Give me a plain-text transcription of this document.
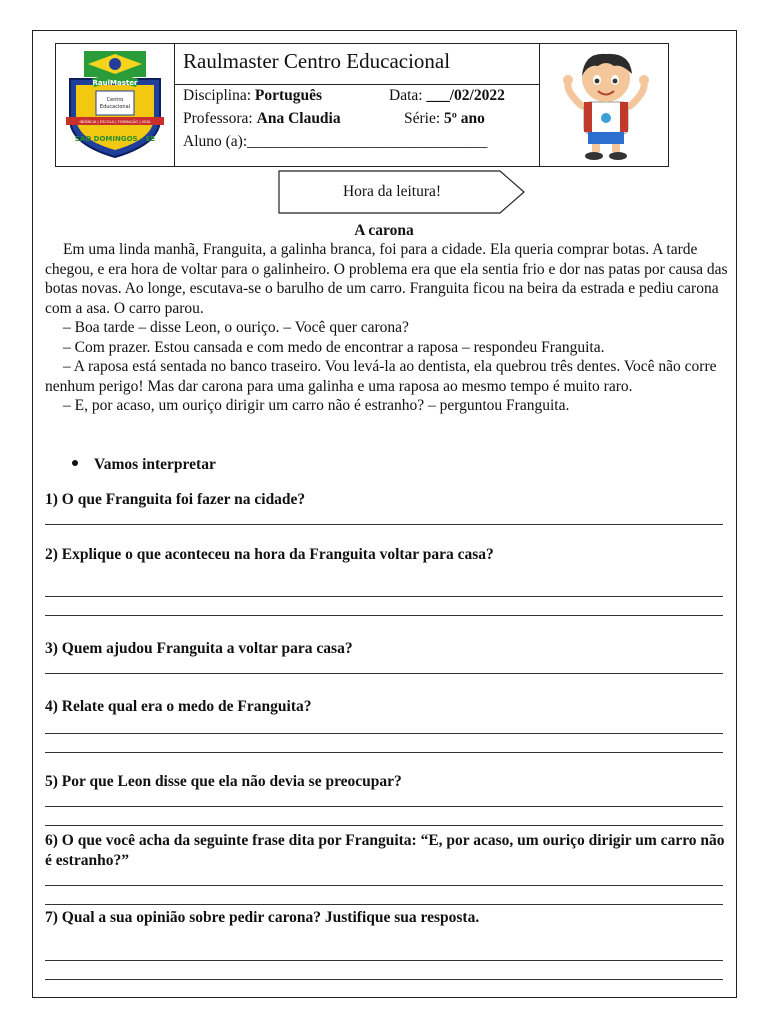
RaulMaster
Centro
Educacional
INFÂNCIA | ESCOLA | FORMAÇÃO | VIDA
SÃO DOMINGOS - SE
Raulmaster Centro Educacional
Disciplina: Português	Data: ___/02/2022
Professora: Ana Claudia	Série: 5º ano
Aluno (a):_______________________________
Hora da leitura!
A carona

Em uma linda manhã, Franguita, a galinha branca, foi para a cidade. Ela queria comprar botas. A tarde chegou, e era hora de voltar para o galinheiro. O problema era que ela sentia frio e dor nas patas por causa das botas novas. Ao longe, escutava-se o barulho de um carro. Franguita ficou na beira da estrada e pediu carona com a asa. O carro parou.

– Boa tarde – disse Leon, o ouriço. – Você quer carona?

– Com prazer. Estou cansada e com medo de encontrar a raposa – respondeu Franguita.

– A raposa está sentada no banco traseiro. Vou levá-la ao dentista, ela quebrou três dentes. Você não corre nenhum perigo! Mas dar carona para uma galinha e uma raposa ao mesmo tempo é muito raro.

– E, por acaso, um ouriço dirigir um carro não é estranho? – perguntou Franguita.

Vamos interpretar
1) O que Franguita foi fazer na cidade?
2) Explique o que aconteceu na hora da Franguita voltar para casa?
3) Quem ajudou Franguita a voltar para casa?
4) Relate qual era o medo de Franguita?
5) Por que Leon disse que ela não devia se preocupar?
6) O que você acha da seguinte frase dita por Franguita: “E, por acaso, um ouriço dirigir um carro não é estranho?”
7) Qual a sua opinião sobre pedir carona? Justifique sua resposta.
